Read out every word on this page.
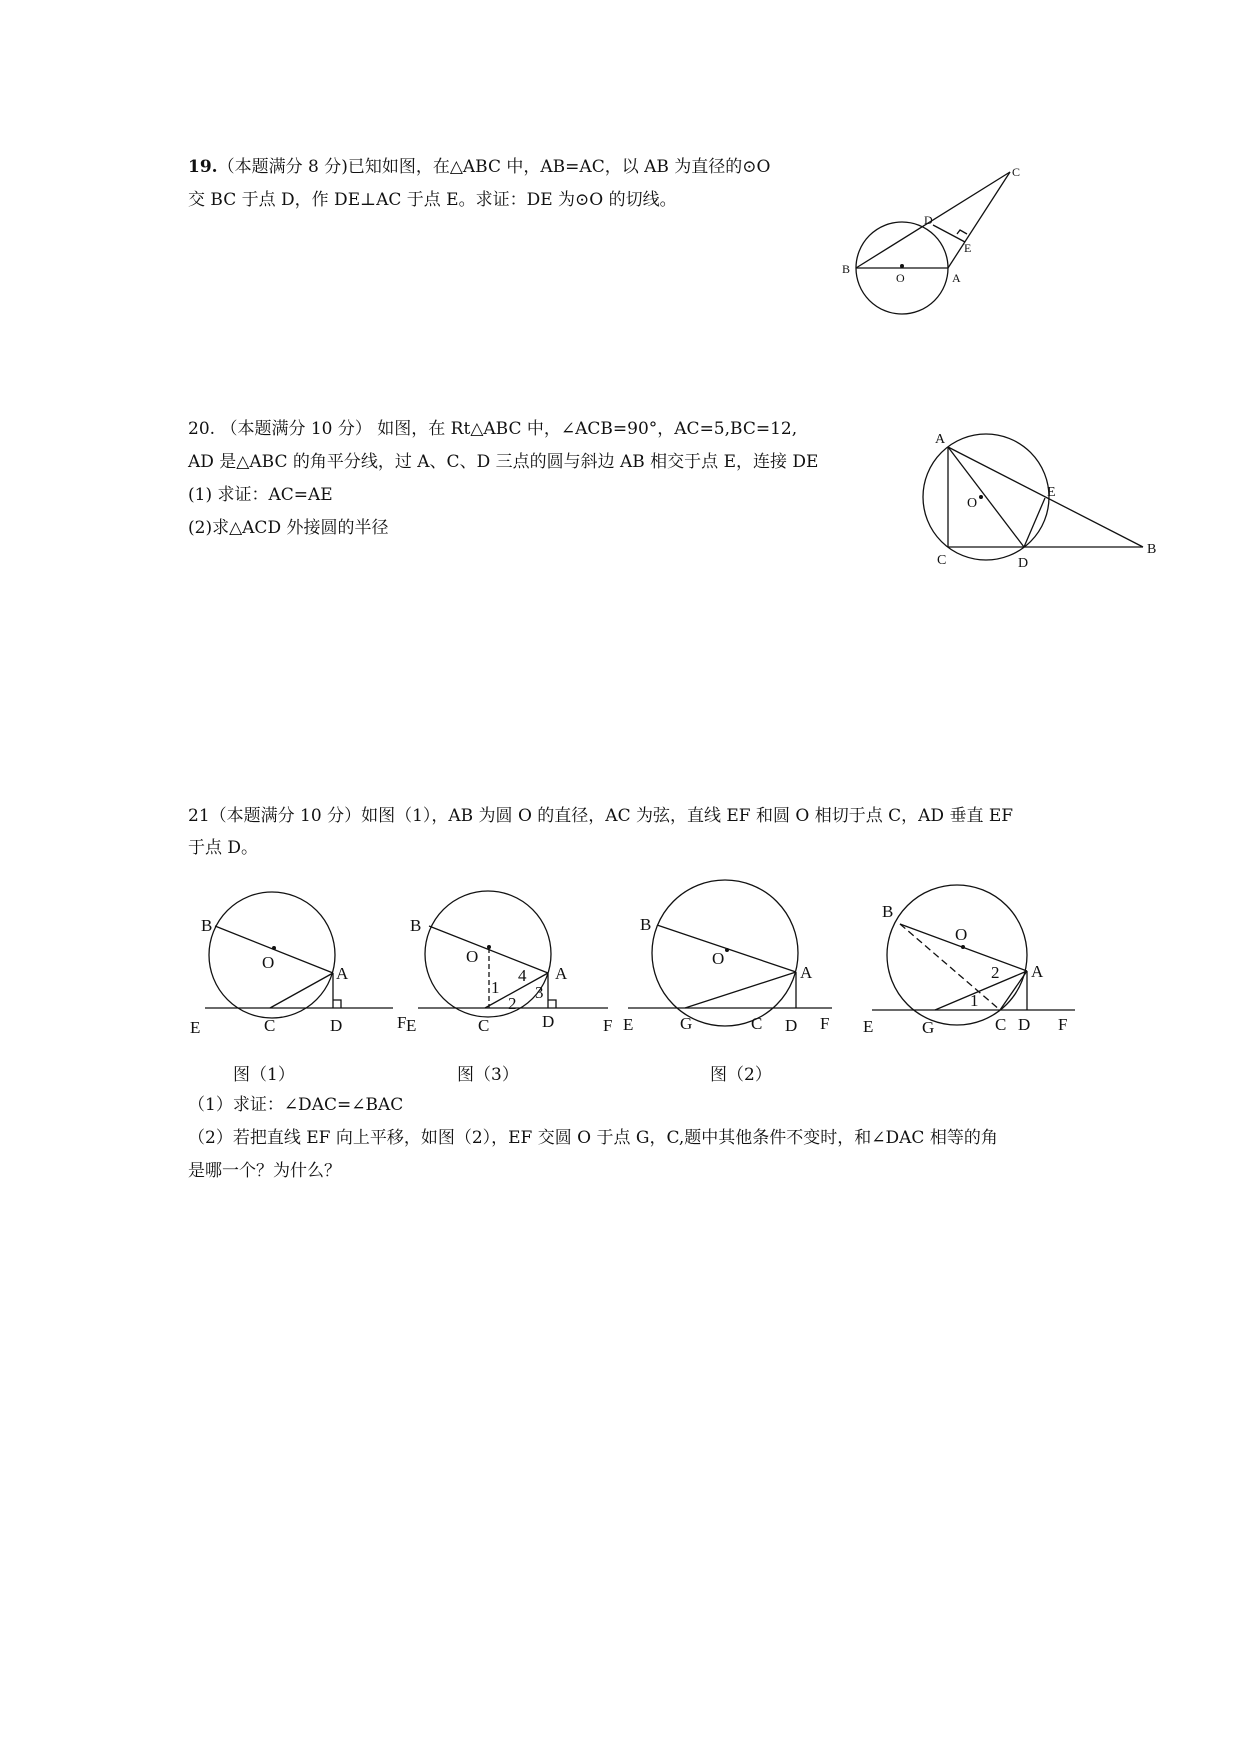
19.（本题满分 8 分)已知如图，在△ABC 中，AB=AC，以 AB 为直径的⊙O
交 BC 于点 D，作 DE⊥AC 于点 E。求证：DE 为⊙O 的切线。
B
O	A
C
D
E
20. （本题满分 10 分） 如图，在 Rt△ABC 中，∠ACB=90°，AC=5,BC=12,
AD 是△ABC 的角平分线，过 A、C、D 三点的圆与斜边 AB 相交于点 E，连接 DE
(1) 求证：AC=AE
(2)求△ACD 外接圆的半径
A
O
E
C	D
B
21（本题满分 10 分）如图（1），AB 为圆 O 的直径，AC 为弦，直线 EF 和圆 O 相切于点 C，AD 垂直 EF
于点 D。
B
O
A
E	C	D	F
B
O
A
E	C	D	F
1
2
3
4
B
O
A
E	G	C D F
B
O
A
E	G	C D F
1
2
图（1）	图（3）	图（2）
（1）求证：∠DAC=∠BAC
（2）若把直线 EF 向上平移，如图（2），EF 交圆 O 于点 G，C,题中其他条件不变时，和∠DAC 相等的角
是哪一个？为什么？
